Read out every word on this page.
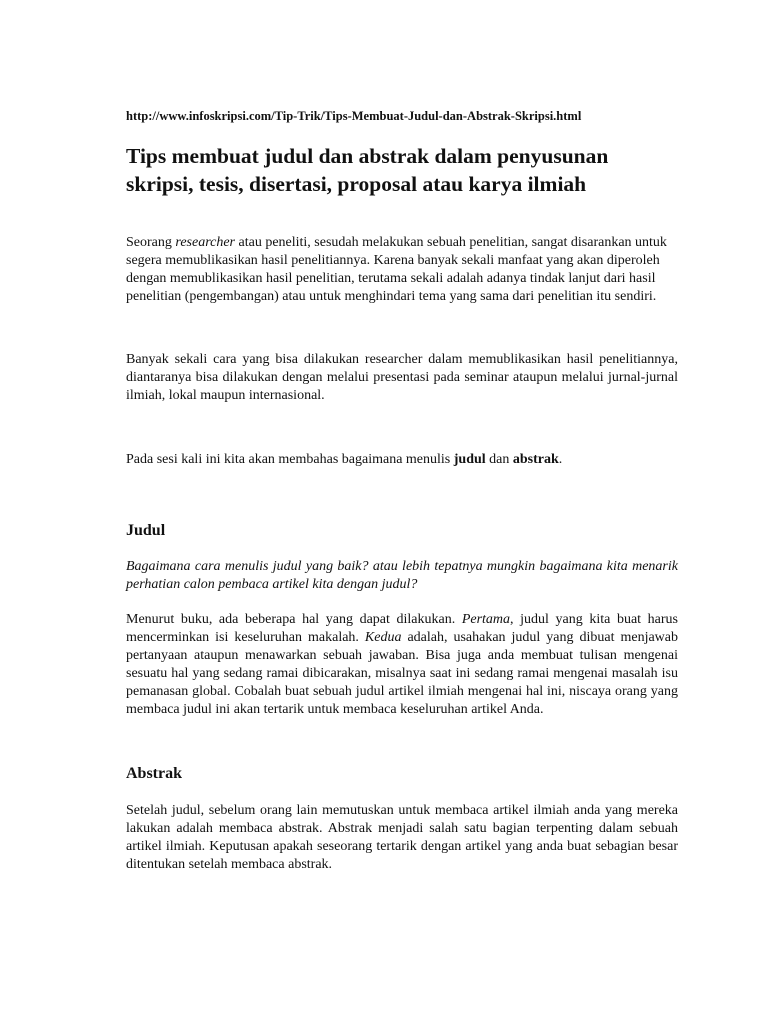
http://www.infoskripsi.com/Tip-Trik/Tips-Membuat-Judul-dan-Abstrak-Skripsi.html

Tips membuat judul dan abstrak dalam penyusunan
skripsi, tesis, disertasi, proposal atau karya ilmiah

Seorang researcher atau peneliti, sesudah melakukan sebuah penelitian, sangat disarankan untuk segera memublikasikan hasil penelitiannya. Karena banyak sekali manfaat yang akan diperoleh dengan memublikasikan hasil penelitian, terutama sekali adalah adanya tindak lanjut dari hasil penelitian (pengembangan) atau untuk menghindari tema yang sama dari penelitian itu sendiri.

Banyak sekali cara yang bisa dilakukan researcher dalam memublikasikan hasil penelitiannya, diantaranya bisa dilakukan dengan melalui presentasi pada seminar ataupun melalui jurnal-jurnal ilmiah, lokal maupun internasional.

Pada sesi kali ini kita akan membahas bagaimana menulis judul dan abstrak.

Judul

Bagaimana cara menulis judul yang baik? atau lebih tepatnya mungkin bagaimana kita menarik perhatian calon pembaca artikel kita dengan judul?

Menurut buku, ada beberapa hal yang dapat dilakukan. Pertama, judul yang kita buat harus mencerminkan isi keseluruhan makalah. Kedua adalah, usahakan judul yang dibuat menjawab pertanyaan ataupun menawarkan sebuah jawaban. Bisa juga anda membuat tulisan mengenai sesuatu hal yang sedang ramai dibicarakan, misalnya saat ini sedang ramai mengenai masalah isu pemanasan global. Cobalah buat sebuah judul artikel ilmiah mengenai hal ini, niscaya orang yang membaca judul ini akan tertarik untuk membaca keseluruhan artikel Anda.

Abstrak

Setelah judul, sebelum orang lain memutuskan untuk membaca artikel ilmiah anda yang mereka lakukan adalah membaca abstrak. Abstrak menjadi salah satu bagian terpenting dalam sebuah artikel ilmiah. Keputusan apakah seseorang tertarik dengan artikel yang anda buat sebagian besar ditentukan setelah membaca abstrak.
